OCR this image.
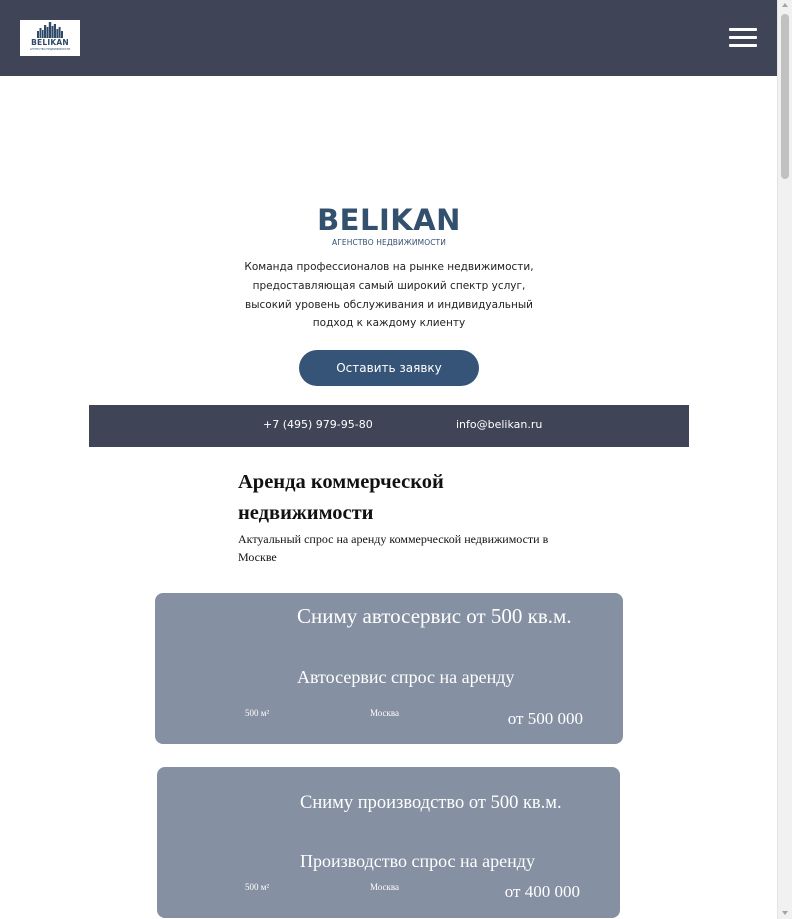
BELIKAN
АГЕНТСТВО НЕДВИЖИМОСТИ
BELIKAN
АГЕНСТВО НЕДВИЖИМОСТИ

Команда профессионалов на рынке недвижимости, предоставляющая самый широкий спектр услуг, высокий уровень обслуживания и индивидуальный подход к каждому клиенту

Оставить заявку
+7 (495) 979-95-80	info@belikan.ru
Аренда коммерческой недвижимости

Актуальный спрос на аренду коммерческой недвижимости в Москве

Сниму автосервис от 500 кв.м.
Автосервис спрос на аренду
500 м²	Москва	от 500 000
Сниму производство от 500 кв.м.
Производство спрос на аренду
500 м²	Москва	от 400 000
